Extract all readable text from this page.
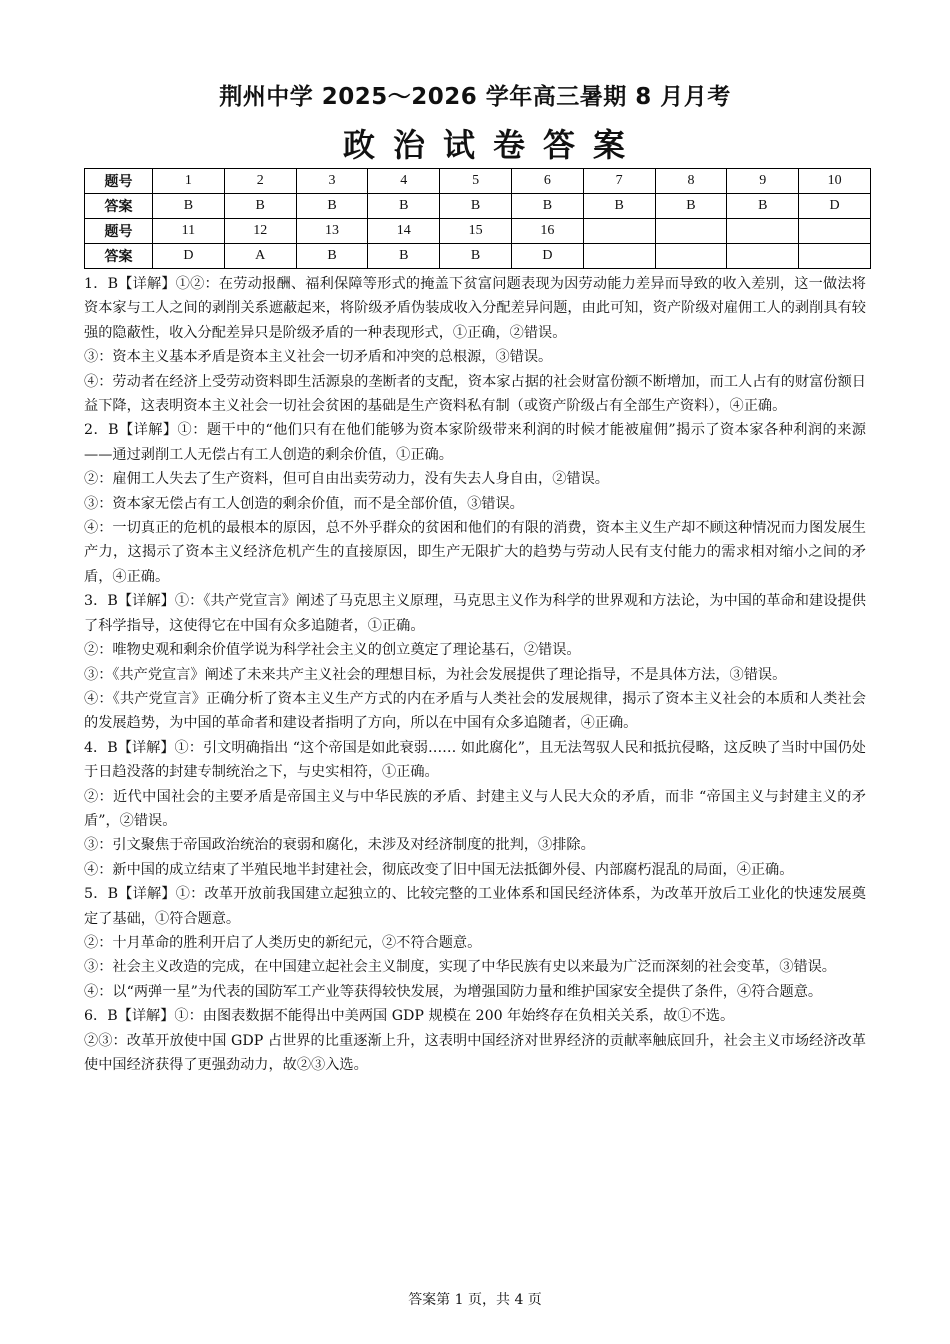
荆州中学 2025～2026 学年高三暑期 8 月月考
政治试卷答案
题号	1	2	3	4	5	6	7	8	9	10
答案	B	B	B	B	B	B	B	B	B	D
题号	11	12	13	14	15	16				
答案	D	A	B	B	B	D				

1．B【详解】①②：在劳动报酬、福利保障等形式的掩盖下贫富问题表现为因劳动能力差异而导致的收入差别，这一做法将资本家与工人之间的剥削关系遮蔽起来，将阶级矛盾伪装成收入分配差异问题，由此可知，资产阶级对雇佣工人的剥削具有较强的隐蔽性，收入分配差异只是阶级矛盾的一种表现形式，①正确，②错误。

③：资本主义基本矛盾是资本主义社会一切矛盾和冲突的总根源，③错误。

④：劳动者在经济上受劳动资料即生活源泉的垄断者的支配，资本家占据的社会财富份额不断增加，而工人占有的财富份额日益下降，这表明资本主义社会一切社会贫困的基础是生产资料私有制（或资产阶级占有全部生产资料），④正确。

2．B【详解】①：题干中的“他们只有在他们能够为资本家阶级带来利润的时候才能被雇佣”揭示了资本家各种利润的来源——通过剥削工人无偿占有工人创造的剩余价值，①正确。

②：雇佣工人失去了生产资料，但可自由出卖劳动力，没有失去人身自由，②错误。

③：资本家无偿占有工人创造的剩余价值，而不是全部价值，③错误。

④：一切真正的危机的最根本的原因，总不外乎群众的贫困和他们的有限的消费，资本主义生产却不顾这种情况而力图发展生产力，这揭示了资本主义经济危机产生的直接原因，即生产无限扩大的趋势与劳动人民有支付能力的需求相对缩小之间的矛盾，④正确。

3．B【详解】①：《共产党宣言》阐述了马克思主义原理，马克思主义作为科学的世界观和方法论，为中国的革命和建设提供了科学指导，这使得它在中国有众多追随者，①正确。

②：唯物史观和剩余价值学说为科学社会主义的创立奠定了理论基石，②错误。

③：《共产党宣言》阐述了未来共产主义社会的理想目标，为社会发展提供了理论指导，不是具体方法，③错误。

④：《共产党宣言》正确分析了资本主义生产方式的内在矛盾与人类社会的发展规律，揭示了资本主义社会的本质和人类社会的发展趋势，为中国的革命者和建设者指明了方向，所以在中国有众多追随者，④正确。

4．B【详解】①：引文明确指出 “这个帝国是如此衰弱…… 如此腐化”，且无法驾驭人民和抵抗侵略，这反映了当时中国仍处于日趋没落的封建专制统治之下，与史实相符，①正确。

②：近代中国社会的主要矛盾是帝国主义与中华民族的矛盾、封建主义与人民大众的矛盾，而非 “帝国主义与封建主义的矛盾”，②错误。

③：引文聚焦于帝国政治统治的衰弱和腐化，未涉及对经济制度的批判，③排除。

④：新中国的成立结束了半殖民地半封建社会，彻底改变了旧中国无法抵御外侵、内部腐朽混乱的局面，④正确。

5．B【详解】①：改革开放前我国建立起独立的、比较完整的工业体系和国民经济体系，为改革开放后工业化的快速发展奠定了基础，①符合题意。

②：十月革命的胜利开启了人类历史的新纪元，②不符合题意。

③：社会主义改造的完成，在中国建立起社会主义制度，实现了中华民族有史以来最为广泛而深刻的社会变革，③错误。

④：以“两弹一星”为代表的国防军工产业等获得较快发展，为增强国防力量和维护国家安全提供了条件，④符合题意。

6．B【详解】①：由图表数据不能得出中美两国 GDP 规模在 200 年始终存在负相关关系，故①不选。

②③：改革开放使中国 GDP 占世界的比重逐渐上升，这表明中国经济对世界经济的贡献率触底回升，社会主义市场经济改革使中国经济获得了更强劲动力，故②③入选。

答案第 1 页，共 4 页
